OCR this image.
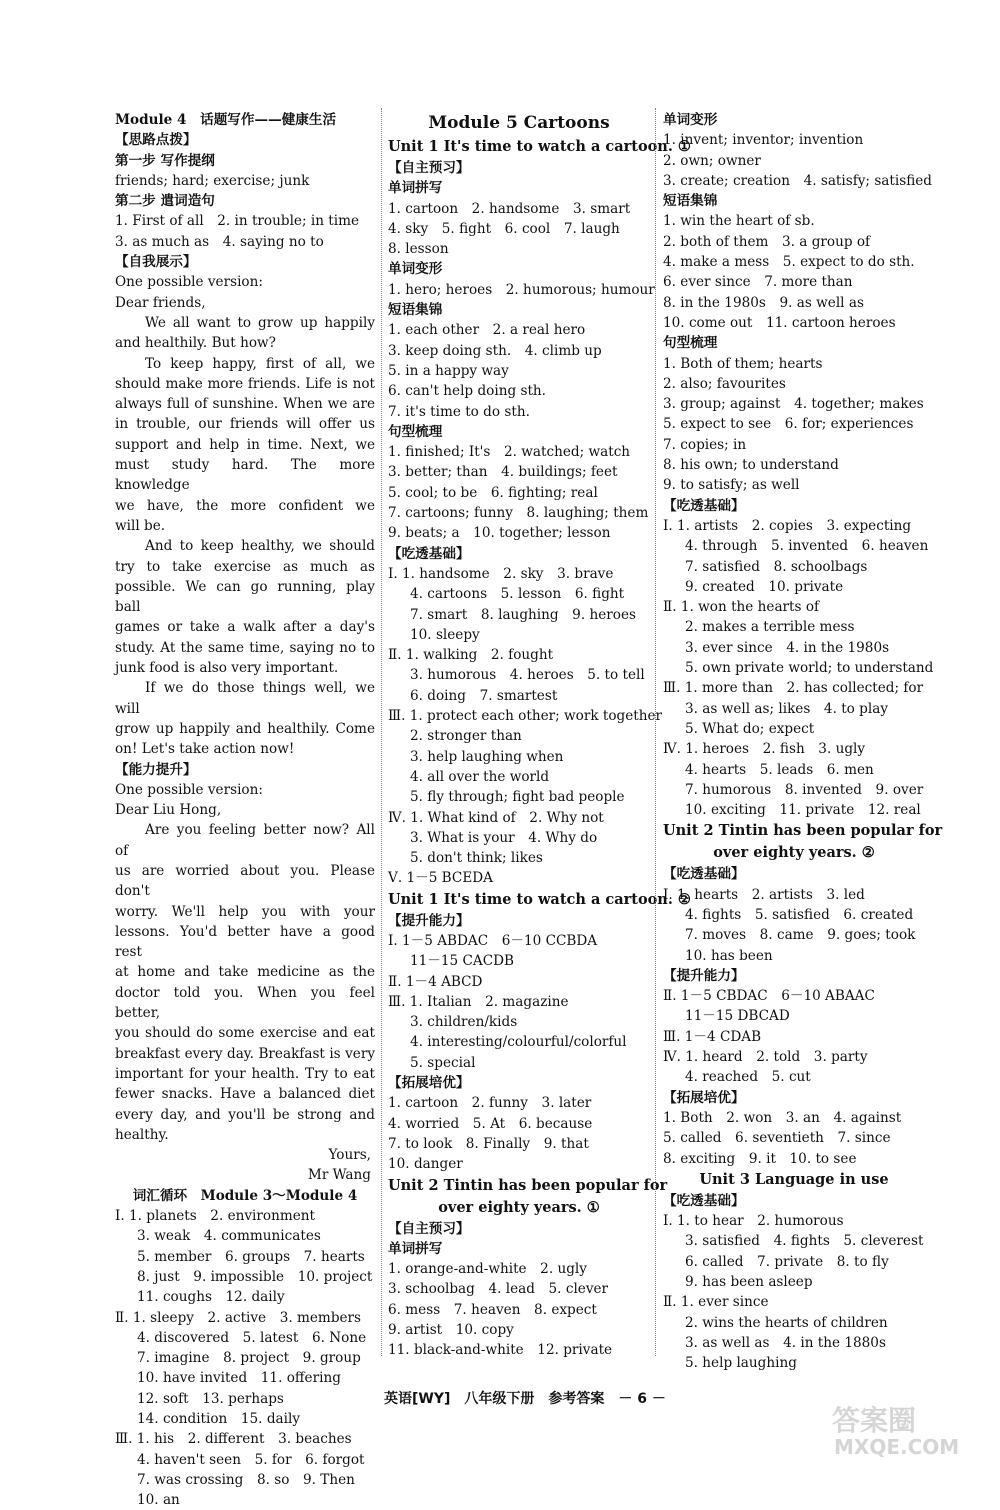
Module 4　话题写作——健康生活
【思路点拨】
第一步 写作提纲
friends; hard; exercise; junk
第二步 遣词造句
1. First of all　2. in trouble; in time
3. as much as　4. saying no to
【自我展示】
One possible version:
Dear friends,
We all want to grow up happily
and healthily. But how?
To keep happy, first of all, we
should make more friends. Life is not
always full of sunshine. When we are
in trouble, our friends will offer us
support and help in time. Next, we
must study hard. The more knowledge
we have, the more confident we
will be.
And to keep healthy, we should
try to take exercise as much as
possible. We can go running, play ball
games or take a walk after a day's
study. At the same time, saying no to
junk food is also very important.
If we do those things well, we will
grow up happily and healthily. Come
on! Let's take action now!
【能力提升】
One possible version:
Dear Liu Hong,
Are you feeling better now? All of
us are worried about you. Please don't
worry. We'll help you with your
lessons. You'd better have a good rest
at home and take medicine as the
doctor told you. When you feel better,
you should do some exercise and eat
breakfast every day. Breakfast is very
important for your health. Try to eat
fewer snacks. Have a balanced diet
every day, and you'll be strong and
healthy.
Yours,
Mr Wang
词汇循环　Module 3～Module 4
Ⅰ. 1. planets　2. environment
3. weak　4. communicates
5. member　6. groups　7. hearts
8. just　9. impossible　10. project
11. coughs　12. daily
Ⅱ. 1. sleepy　2. active　3. members
4. discovered　5. latest　6. None
7. imagine　8. project　9. group
10. have invited　11. offering
12. soft　13. perhaps
14. condition　15. daily
Ⅲ. 1. his　2. different　3. beaches
4. haven't seen　5. for　6. forgot
7. was crossing　8. so　9. Then
10. an
Module 5 Cartoons
Unit 1 It's time to watch a cartoon. ①
【自主预习】
单词拼写
1. cartoon　2. handsome　3. smart
4. sky　5. fight　6. cool　7. laugh
8. lesson
单词变形
1. hero; heroes　2. humorous; humour
短语集锦
1. each other　2. a real hero
3. keep doing sth.　4. climb up
5. in a happy way
6. can't help doing sth.
7. it's time to do sth.
句型梳理
1. finished; It's　2. watched; watch
3. better; than　4. buildings; feet
5. cool; to be　6. fighting; real
7. cartoons; funny　8. laughing; them
9. beats; a　10. together; lesson
【吃透基础】
Ⅰ. 1. handsome　2. sky　3. brave
4. cartoons　5. lesson　6. fight
7. smart　8. laughing　9. heroes
10. sleepy
Ⅱ. 1. walking　2. fought
3. humorous　4. heroes　5. to tell
6. doing　7. smartest
Ⅲ. 1. protect each other; work together
2. stronger than
3. help laughing when
4. all over the world
5. fly through; fight bad people
Ⅳ. 1. What kind of　2. Why not
3. What is your　4. Why do
5. don't think; likes
Ⅴ. 1－5 BCEDA
Unit 1 It's time to watch a cartoon. ②
【提升能力】
Ⅰ. 1－5 ABDAC　6－10 CCBDA
11－15 CACDB
Ⅱ. 1－4 ABCD
Ⅲ. 1. Italian　2. magazine
3. children/kids
4. interesting/colourful/colorful
5. special
【拓展培优】
1. cartoon　2. funny　3. later
4. worried　5. At　6. because
7. to look　8. Finally　9. that
10. danger
Unit 2 Tintin has been popular for
over eighty years. ①
【自主预习】
单词拼写
1. orange-and-white　2. ugly
3. schoolbag　4. lead　5. clever
6. mess　7. heaven　8. expect
9. artist　10. copy
11. black-and-white　12. private
单词变形
1. invent; inventor; invention
2. own; owner
3. create; creation　4. satisfy; satisfied
短语集锦
1. win the heart of sb.
2. both of them　3. a group of
4. make a mess　5. expect to do sth.
6. ever since　7. more than
8. in the 1980s　9. as well as
10. come out　11. cartoon heroes
句型梳理
1. Both of them; hearts
2. also; favourites
3. group; against　4. together; makes
5. expect to see　6. for; experiences
7. copies; in
8. his own; to understand
9. to satisfy; as well
【吃透基础】
Ⅰ. 1. artists　2. copies　3. expecting
4. through　5. invented　6. heaven
7. satisfied　8. schoolbags
9. created　10. private
Ⅱ. 1. won the hearts of
2. makes a terrible mess
3. ever since　4. in the 1980s
5. own private world; to understand
Ⅲ. 1. more than　2. has collected; for
3. as well as; likes　4. to play
5. What do; expect
Ⅳ. 1. heroes　2. fish　3. ugly
4. hearts　5. leads　6. men
7. humorous　8. invented　9. over
10. exciting　11. private　12. real
Unit 2 Tintin has been popular for
over eighty years. ②
【吃透基础】
Ⅰ. 1. hearts　2. artists　3. led
4. fights　5. satisfied　6. created
7. moves　8. came　9. goes; took
10. has been
【提升能力】
Ⅱ. 1－5 CBDAC　6－10 ABAAC
11－15 DBCAD
Ⅲ. 1－4 CDAB
Ⅳ. 1. heard　2. told　3. party
4. reached　5. cut
【拓展培优】
1. Both　2. won　3. an　4. against
5. called　6. seventieth　7. since
8. exciting　9. it　10. to see
Unit 3 Language in use
【吃透基础】
Ⅰ. 1. to hear　2. humorous
3. satisfied　4. fights　5. cleverest
6. called　7. private　8. to fly
9. has been asleep
Ⅱ. 1. ever since
2. wins the hearts of children
3. as well as　4. in the 1880s
5. help laughing
英语[WY]　八年级下册　参考答案　－ 6 －
答案圈
MXQE.COM
